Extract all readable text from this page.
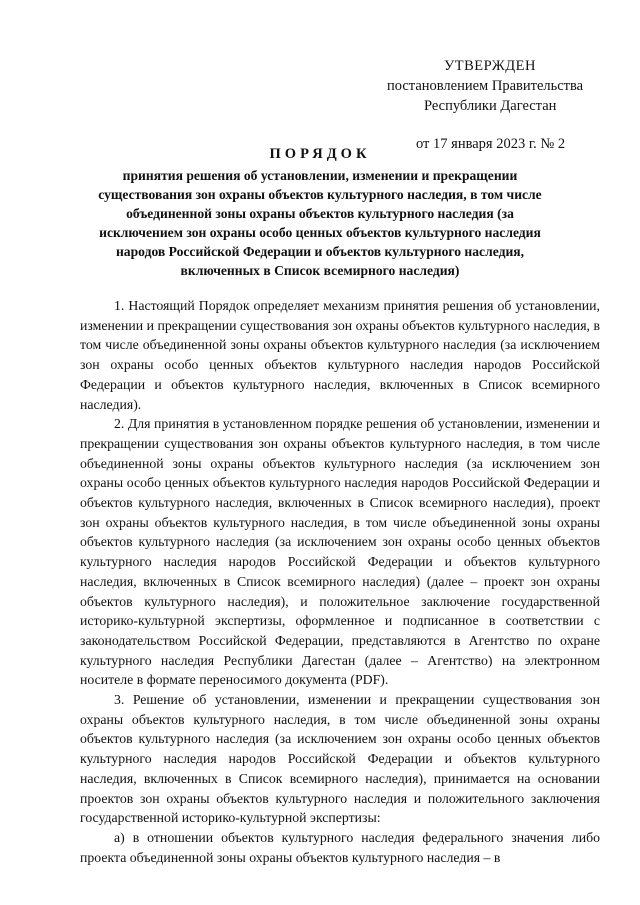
УТВЕРЖДЕН
постановлением Правительства
Республики Дагестан
от 17 января 2023 г. № 2
ПОРЯДОК
принятия решения об установлении, изменении и прекращении существования зон охраны объектов культурного наследия, в том числе объединенной зоны охраны объектов культурного наследия (за исключением зон охраны особо ценных объектов культурного наследия народов Российской Федерации и объектов культурного наследия, включенных в Список всемирного наследия)

1. Настоящий Порядок определяет механизм принятия решения об установлении, изменении и прекращении существования зон охраны объектов культурного наследия, в том числе объединенной зоны охраны объектов культурного наследия (за исключением зон охраны особо ценных объектов культурного наследия народов Российской Федерации и объектов культурного наследия, включенных в Список всемирного наследия).

2. Для принятия в установленном порядке решения об установлении, изменении и прекращении существования зон охраны объектов культурного наследия, в том числе объединенной зоны охраны объектов культурного наследия (за исключением зон охраны особо ценных объектов культурного наследия народов Российской Федерации и объектов культурного наследия, включенных в Список всемирного наследия), проект зон охраны объектов культурного наследия, в том числе объединенной зоны охраны объектов культурного наследия (за исключением зон охраны особо ценных объектов культурного наследия народов Российской Федерации и объектов культурного наследия, включенных в Список всемирного наследия) (далее – проект зон охраны объектов культурного наследия), и положительное заключение государственной историко-культурной экспертизы, оформленное и подписанное в соответствии с законодательством Российской Федерации, представляются в Агентство по охране культурного наследия Республики Дагестан (далее – Агентство) на электронном носителе в формате переносимого документа (PDF).

3. Решение об установлении, изменении и прекращении существования зон охраны объектов культурного наследия, в том числе объединенной зоны охраны объектов культурного наследия (за исключением зон охраны особо ценных объектов культурного наследия народов Российской Федерации и объектов культурного наследия, включенных в Список всемирного наследия), принимается на основании проектов зон охраны объектов культурного наследия и положительного заключения государственной историко-культурной экспертизы:

а) в отношении объектов культурного наследия федерального значения либо проекта объединенной зоны охраны объектов культурного наследия – в
